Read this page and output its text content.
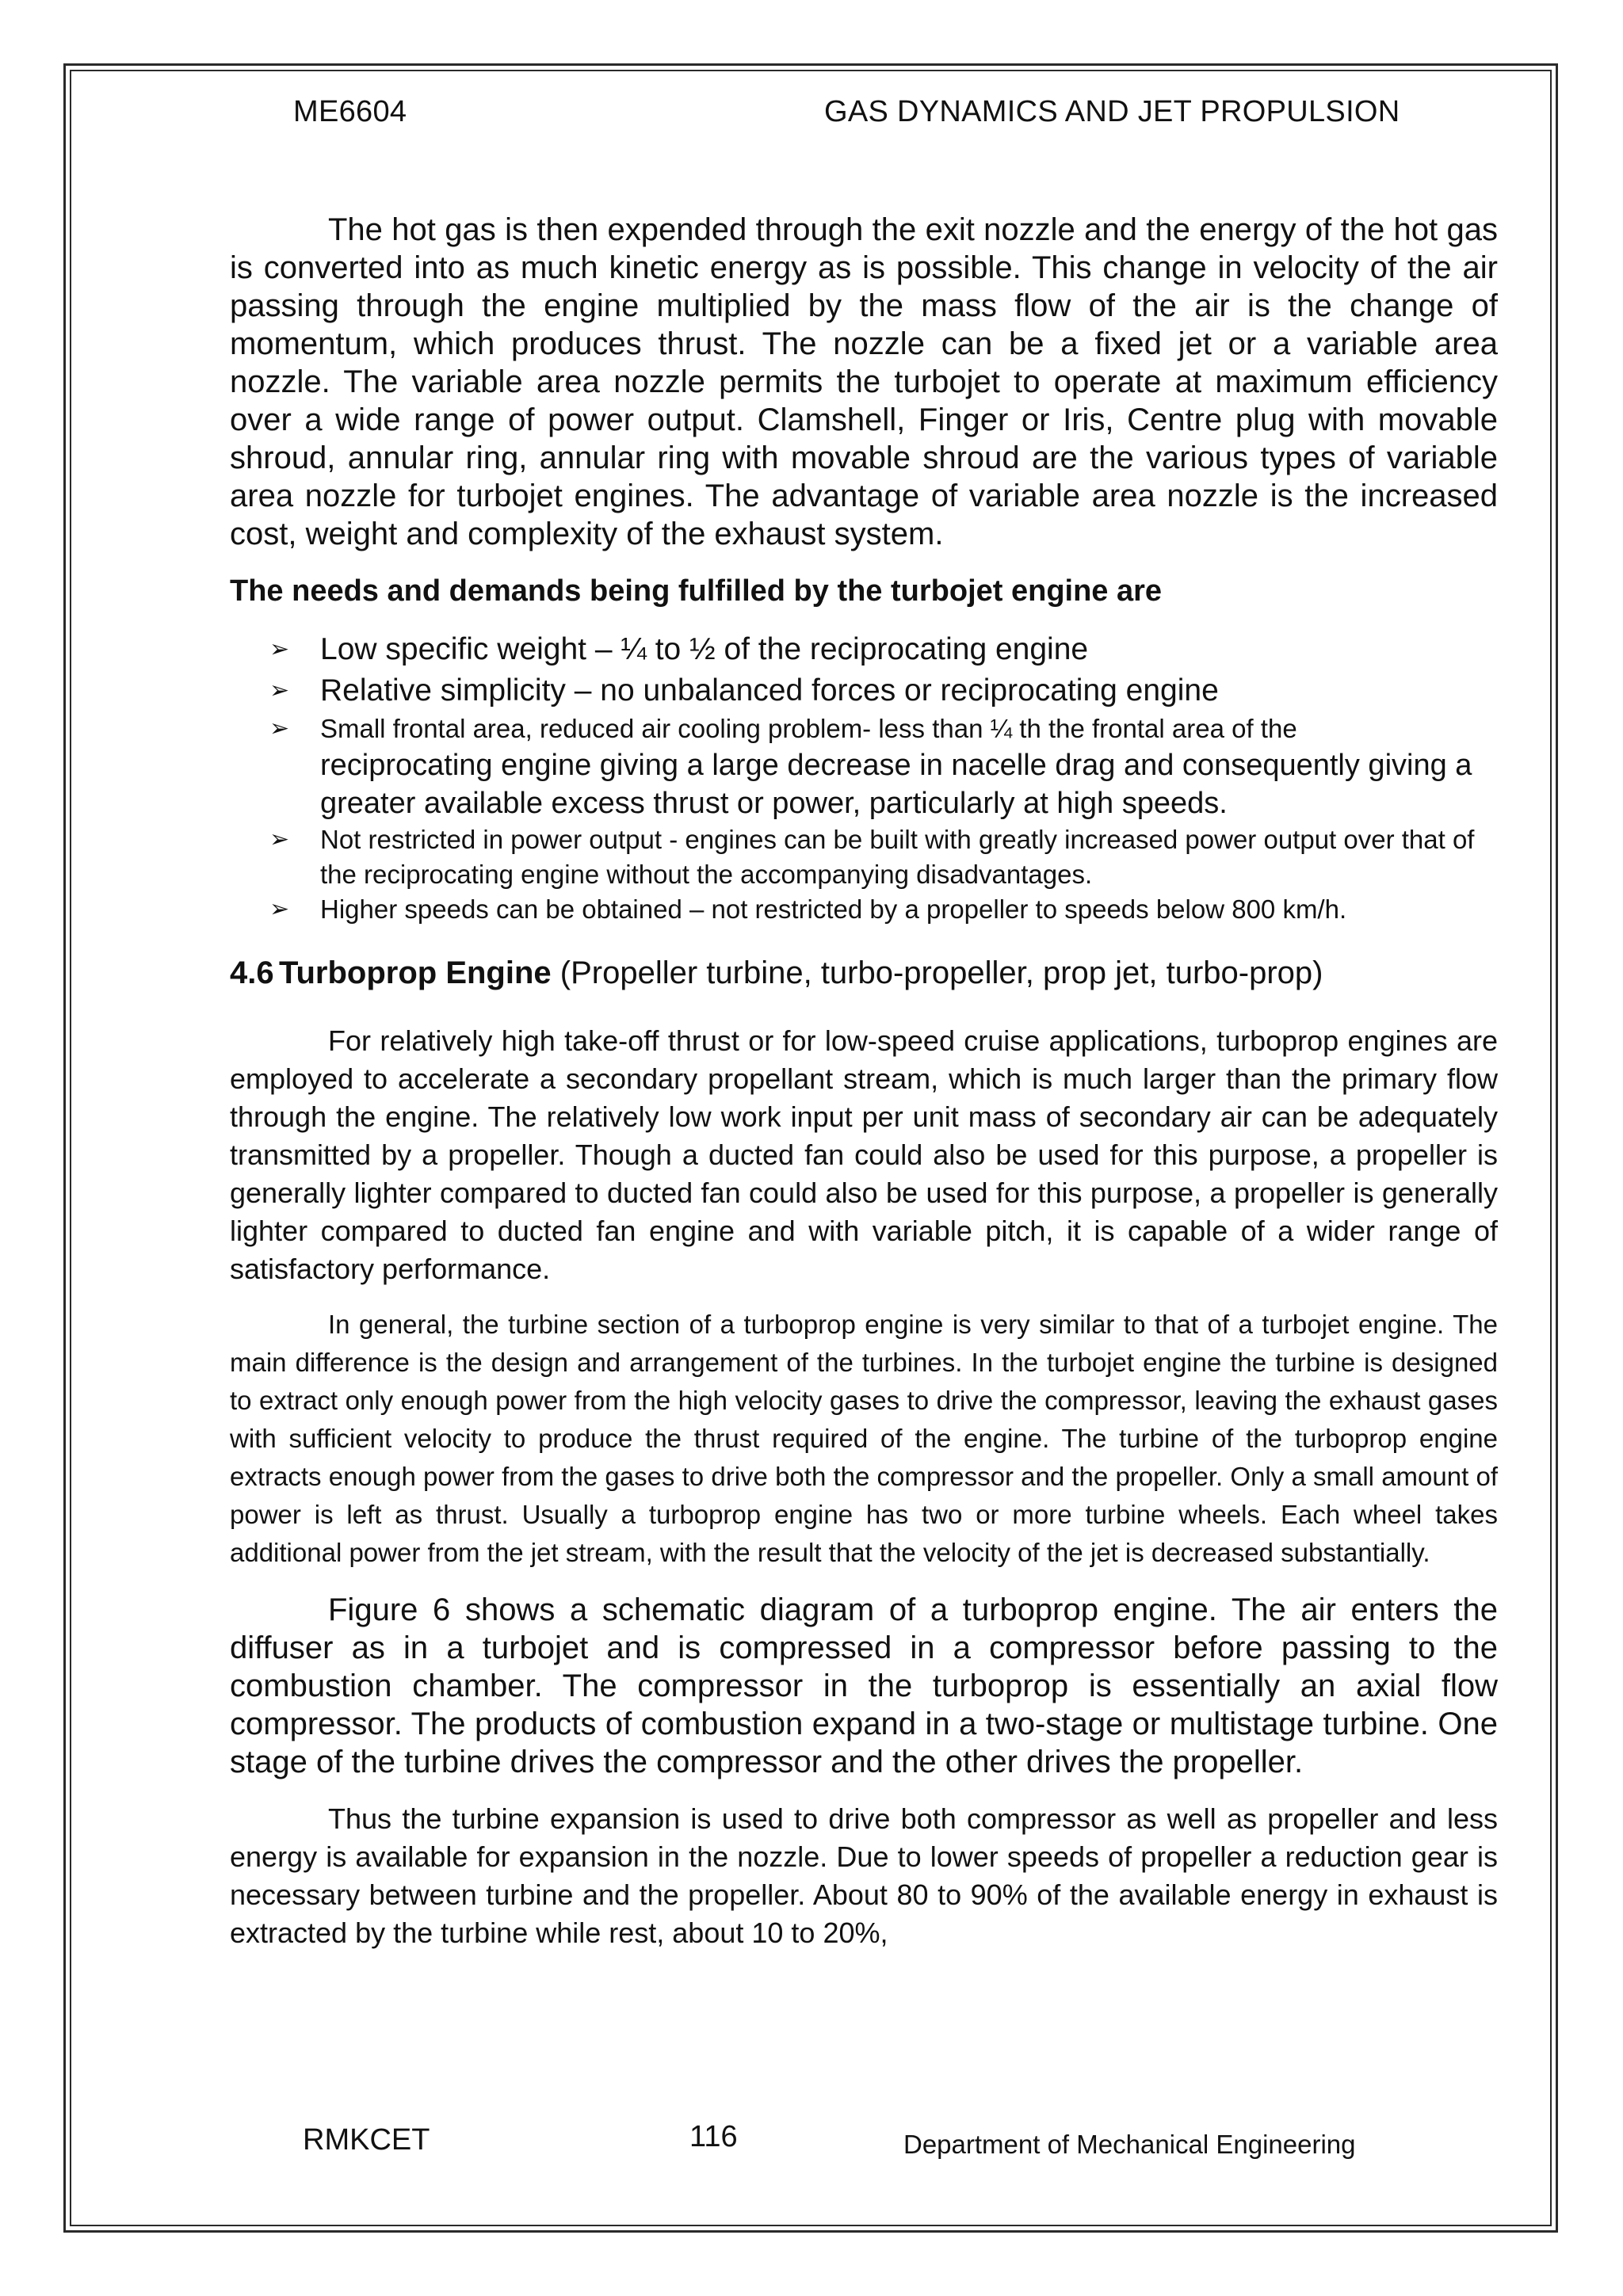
ME6604	GAS DYNAMICS AND JET PROPULSION

The hot gas is then expended through the exit nozzle and the energy of the hot gas is converted into as much kinetic energy as is possible. This change in velocity of the air passing through the engine multiplied by the mass flow of the air is the change of momentum, which produces thrust. The nozzle can be a fixed jet or a variable area nozzle. The variable area nozzle permits the turbojet to operate at maximum efficiency over a wide range of power output. Clamshell, Finger or Iris, Centre plug with movable shroud, annular ring, annular ring with movable shroud are the various types of variable area nozzle for turbojet engines. The advantage of variable area nozzle is the increased cost, weight and complexity of the exhaust system.

The needs and demands being fulfilled by the turbojet engine are

➢ Low specific weight – ¼ to ½ of the reciprocating engine
➢ Relative simplicity – no unbalanced forces or reciprocating engine
➢ Small frontal area, reduced air cooling problem- less than ¼ th the frontal area of the
reciprocating engine giving a large decrease in nacelle drag and consequently giving a greater available excess thrust or power, particularly at high speeds.
➢ Not restricted in power output - engines can be built with greatly increased power output over that of the reciprocating engine without the accompanying disadvantages.
➢ Higher speeds can be obtained – not restricted by a propeller to speeds below 800 km/h.

4.6 Turboprop Engine (Propeller turbine, turbo-propeller, prop jet, turbo-prop)

For relatively high take-off thrust or for low-speed cruise applications, turboprop engines are employed to accelerate a secondary propellant stream, which is much larger than the primary flow through the engine. The relatively low work input per unit mass of secondary air can be adequately transmitted by a propeller. Though a ducted fan could also be used for this purpose, a propeller is generally lighter compared to ducted fan could also be used for this purpose, a propeller is generally lighter compared to ducted fan engine and with variable pitch, it is capable of a wider range of satisfactory performance.

In general, the turbine section of a turboprop engine is very similar to that of a turbojet engine. The main difference is the design and arrangement of the turbines. In the turbojet engine the turbine is designed to extract only enough power from the high velocity gases to drive the compressor, leaving the exhaust gases with sufficient velocity to produce the thrust required of the engine. The turbine of the turboprop engine extracts enough power from the gases to drive both the compressor and the propeller. Only a small amount of power is left as thrust. Usually a turboprop engine has two or more turbine wheels. Each wheel takes additional power from the jet stream, with the result that the velocity of the jet is decreased substantially.

Figure 6 shows a schematic diagram of a turboprop engine. The air enters the diffuser as in a turbojet and is compressed in a compressor before passing to the combustion chamber. The compressor in the turboprop is essentially an axial flow compressor. The products of combustion expand in a two-stage or multistage turbine. One stage of the turbine drives the compressor and the other drives the propeller.

Thus the turbine expansion is used to drive both compressor as well as propeller and less energy is available for expansion in the nozzle. Due to lower speeds of propeller a reduction gear is necessary between turbine and the propeller. About 80 to 90% of the available energy in exhaust is extracted by the turbine while rest, about 10 to 20%,

RMKCET	116	Department of Mechanical Engineering
